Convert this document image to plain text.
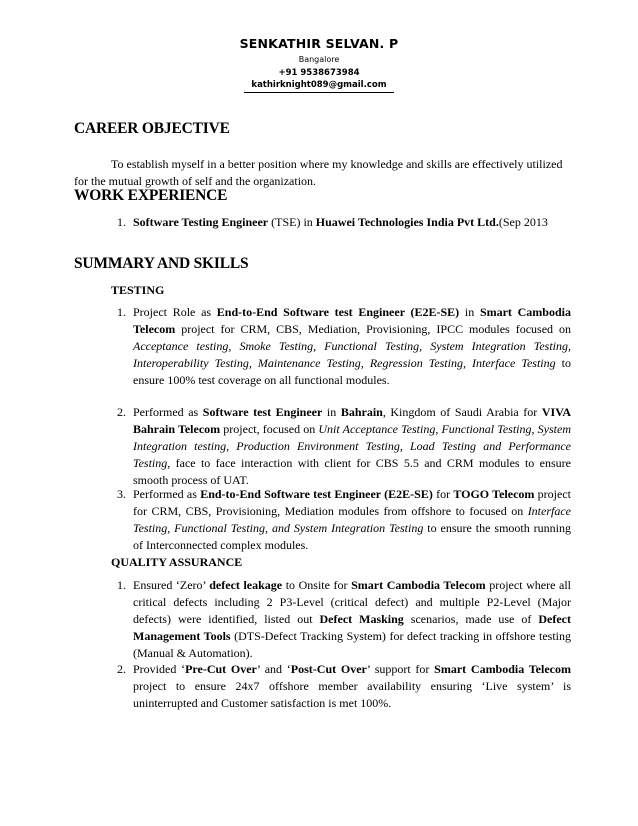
SENKATHIR SELVAN. P
Bangalore
+91 9538673984
kathirknight089@gmail.com
CAREER OBJECTIVE
To establish myself in a better position where my knowledge and skills are effectively utilized for the mutual growth of self and the organization.
WORK EXPERIENCE
1. Software Testing Engineer (TSE) in Huawei Technologies India Pvt Ltd.(Sep 2013
SUMMARY AND SKILLS
TESTING
1. Project Role as End-to-End Software test Engineer (E2E-SE) in Smart Cambodia Telecom project for CRM, CBS, Mediation, Provisioning, IPCC modules focused on Acceptance testing, Smoke Testing, Functional Testing, System Integration Testing, Interoperability Testing, Maintenance Testing, Regression Testing, Interface Testing to ensure 100% test coverage on all functional modules.
2. Performed as Software test Engineer in Bahrain, Kingdom of Saudi Arabia for VIVA Bahrain Telecom project, focused on Unit Acceptance Testing, Functional Testing, System Integration testing, Production Environment Testing, Load Testing and Performance Testing, face to face interaction with client for CBS 5.5 and CRM modules to ensure smooth process of UAT.
3. Performed as End-to-End Software test Engineer (E2E-SE) for TOGO Telecom project for CRM, CBS, Provisioning, Mediation modules from offshore to focused on Interface Testing, Functional Testing, and System Integration Testing to ensure the smooth running of Interconnected complex modules.
QUALITY ASSURANCE
1. Ensured ‘Zero’ defect leakage to Onsite for Smart Cambodia Telecom project where all critical defects including 2 P3-Level (critical defect) and multiple P2-Level (Major defects) were identified, listed out Defect Masking scenarios, made use of Defect Management Tools (DTS-Defect Tracking System) for defect tracking in offshore testing (Manual & Automation).
2. Provided ‘Pre-Cut Over’ and ‘Post-Cut Over’ support for Smart Cambodia Telecom project to ensure 24x7 offshore member availability ensuring ‘Live system’ is uninterrupted and Customer satisfaction is met 100%.
